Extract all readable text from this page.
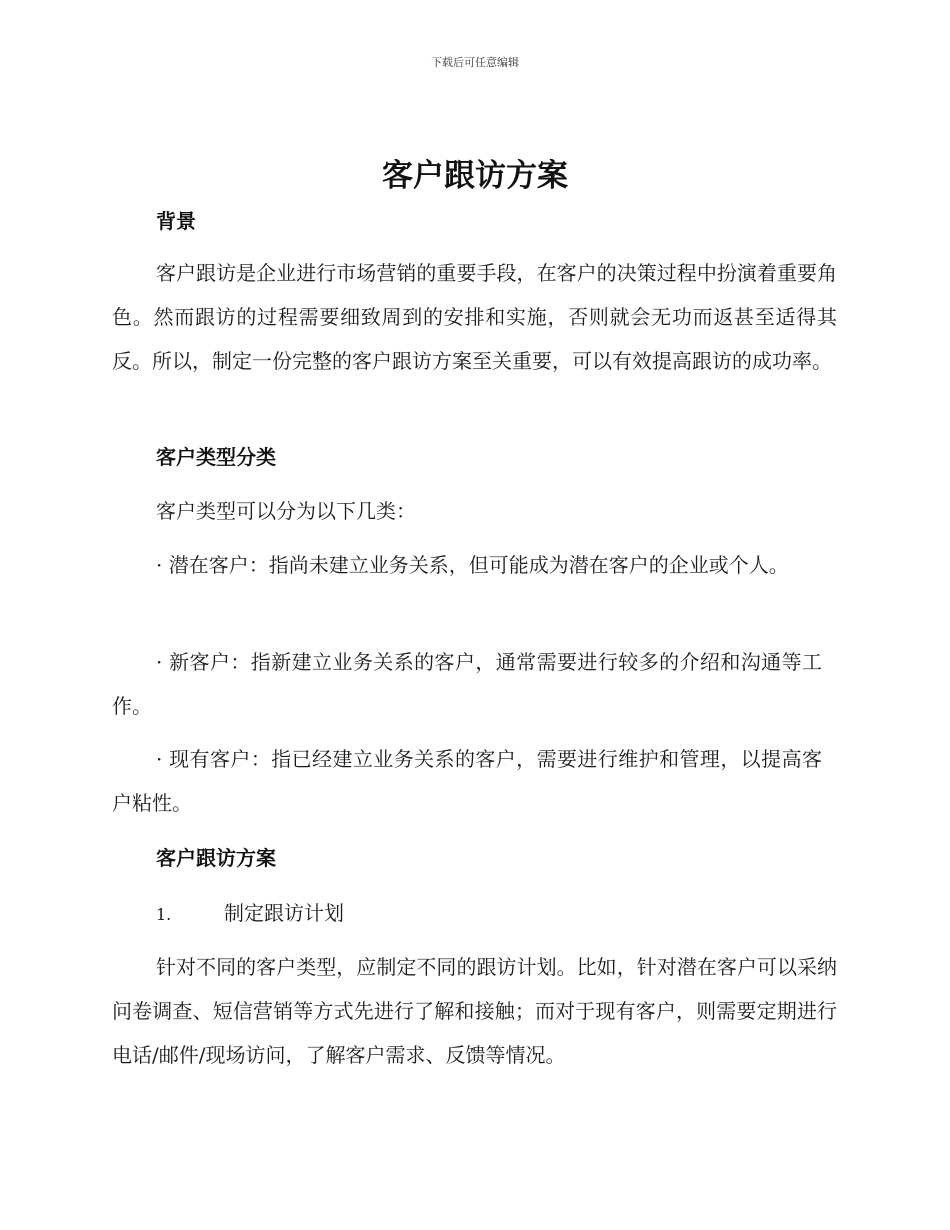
下载后可任意编辑
客户跟访方案
背景

客户跟访是企业进行市场营销的重要手段，在客户的决策过程中扮演着重要角色。然而跟访的过程需要细致周到的安排和实施，否则就会无功而返甚至适得其反。所以，制定一份完整的客户跟访方案至关重要，可以有效提高跟访的成功率。

客户类型分类

客户类型可以分为以下几类：

· 潜在客户：指尚未建立业务关系，但可能成为潜在客户的企业或个人。

· 新客户：指新建立业务关系的客户，通常需要进行较多的介绍和沟通等工作。

· 现有客户：指已经建立业务关系的客户，需要进行维护和管理，以提高客户粘性。

客户跟访方案
1.	制定跟访计划

针对不同的客户类型，应制定不同的跟访计划。比如，针对潜在客户可以采纳问卷调查、短信营销等方式先进行了解和接触；而对于现有客户，则需要定期进行电话/邮件/现场访问，了解客户需求、反馈等情况。
